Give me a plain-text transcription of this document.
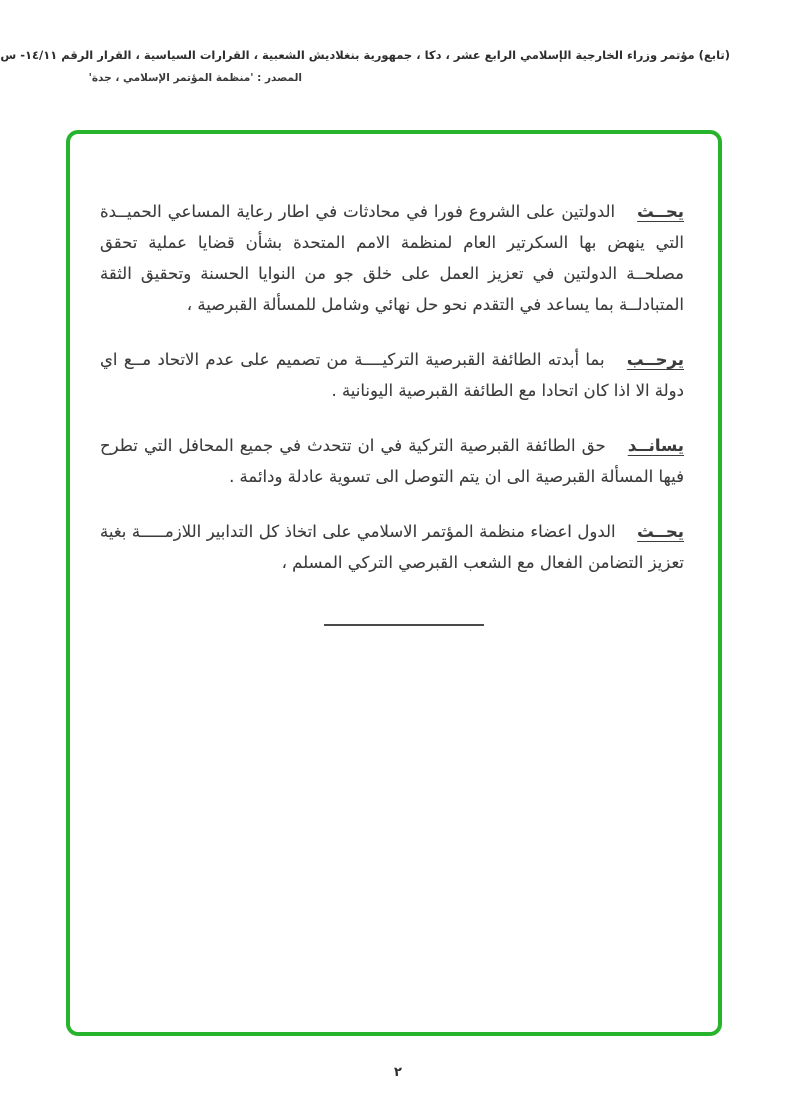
(تابع) مؤتمر وزراء الخارجية الإسلامي الرابع عشر ، دكا ، جمهورية بنغلاديش الشعبية ، القرارات السياسية ، القرار الرقم ١٤/١١- س
المصدر : 'منظمة المؤتمر الإسلامي ، جدة'

يحــث الدولتين على الشروع فورا في محادثات في اطار رعاية المساعي الحميــدة التي ينهض بها السكرتير العام لمنظمة الامم المتحدة بشأن قضايا عملية تحقق مصلحــة الدولتين في تعزيز العمل على خلق جو من النوايا الحسنة وتحقيق الثقة المتبادلــة بما يساعد في التقدم نحو حل نهائي وشامل للمسألة القبرصية ،

يرحــب بما أبدته الطائفة القبرصية التركيــــة من تصميم على عدم الاتحاد مــع اي دولة الا اذا كان اتحادا مع الطائفة القبرصية اليونانية .

يسانــد حق الطائفة القبرصية التركية في ان تتحدث في جميع المحافل التي تطرح فيها المسألة القبرصية الى ان يتم التوصل الى تسوية عادلة ودائمة .

يحــث الدول اعضاء منظمة المؤتمر الاسلامي على اتخاذ كل التدابير اللازمـــــة بغية تعزيز التضامن الفعال مع الشعب القبرصي التركي المسلم ،

٢
